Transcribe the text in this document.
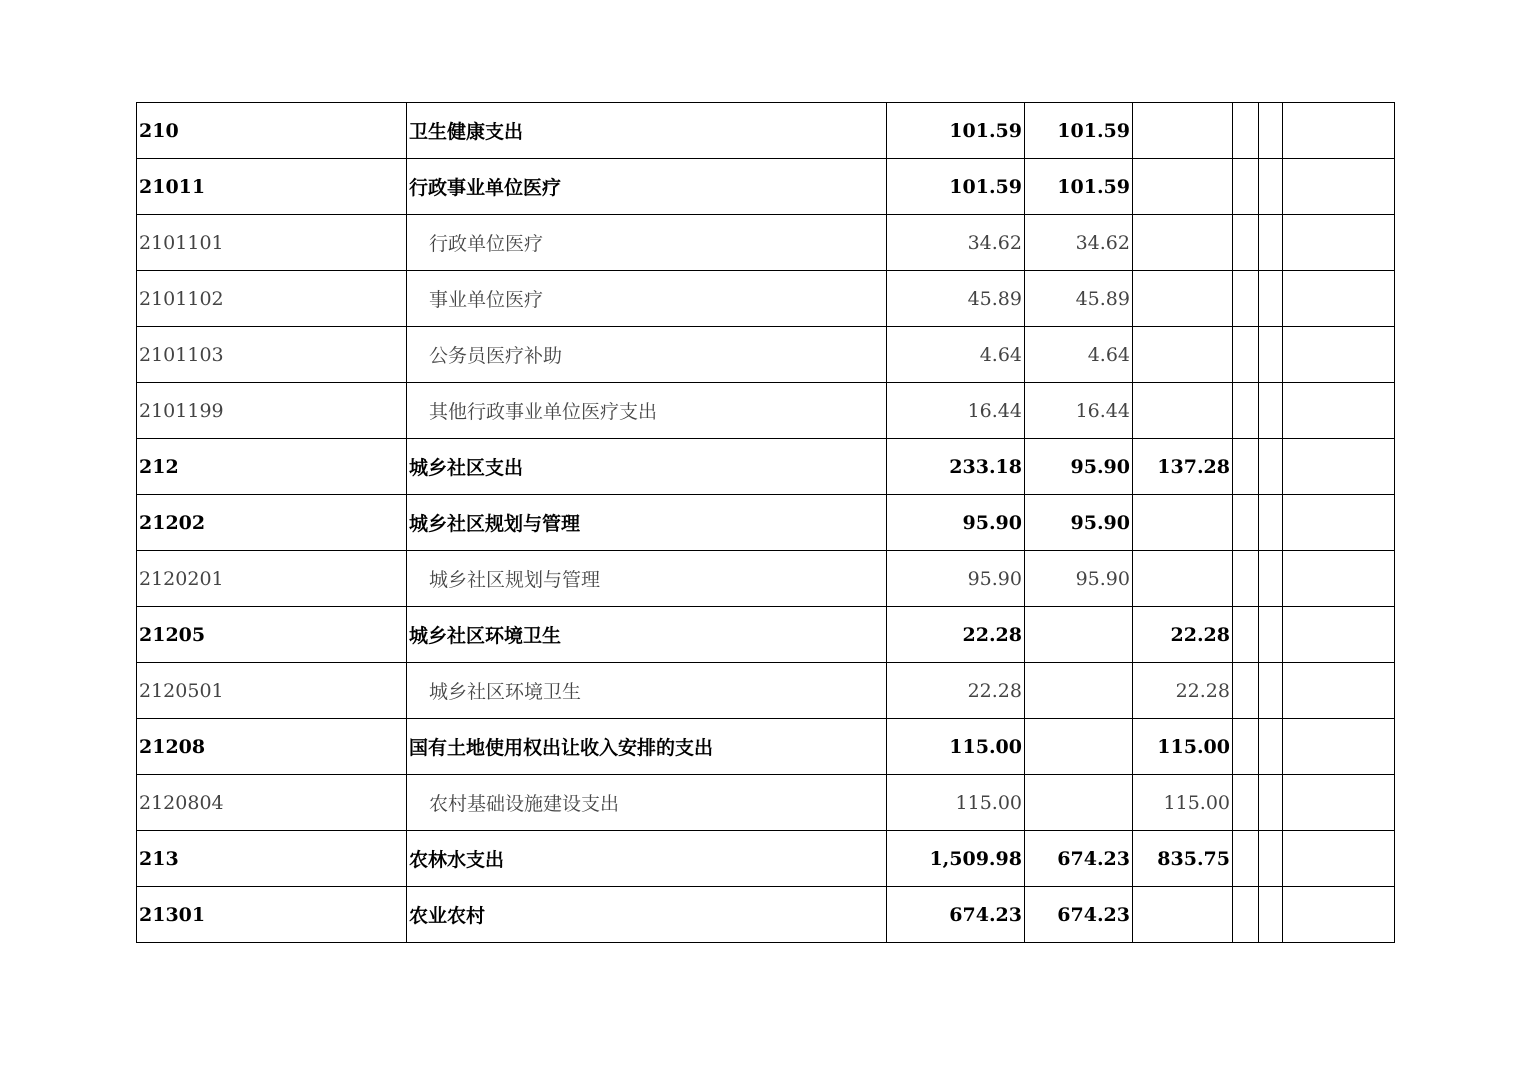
210	卫生健康支出	101.59	101.59				
21011	行政事业单位医疗	101.59	101.59				
2101101	行政单位医疗	34.62	34.62				
2101102	事业单位医疗	45.89	45.89				
2101103	公务员医疗补助	4.64	4.64				
2101199	其他行政事业单位医疗支出	16.44	16.44				
212	城乡社区支出	233.18	95.90	137.28			
21202	城乡社区规划与管理	95.90	95.90				
2120201	城乡社区规划与管理	95.90	95.90				
21205	城乡社区环境卫生	22.28		22.28			
2120501	城乡社区环境卫生	22.28		22.28			
21208	国有土地使用权出让收入安排的支出	115.00		115.00			
2120804	农村基础设施建设支出	115.00		115.00			
213	农林水支出	1,509.98	674.23	835.75			
21301	农业农村	674.23	674.23				
